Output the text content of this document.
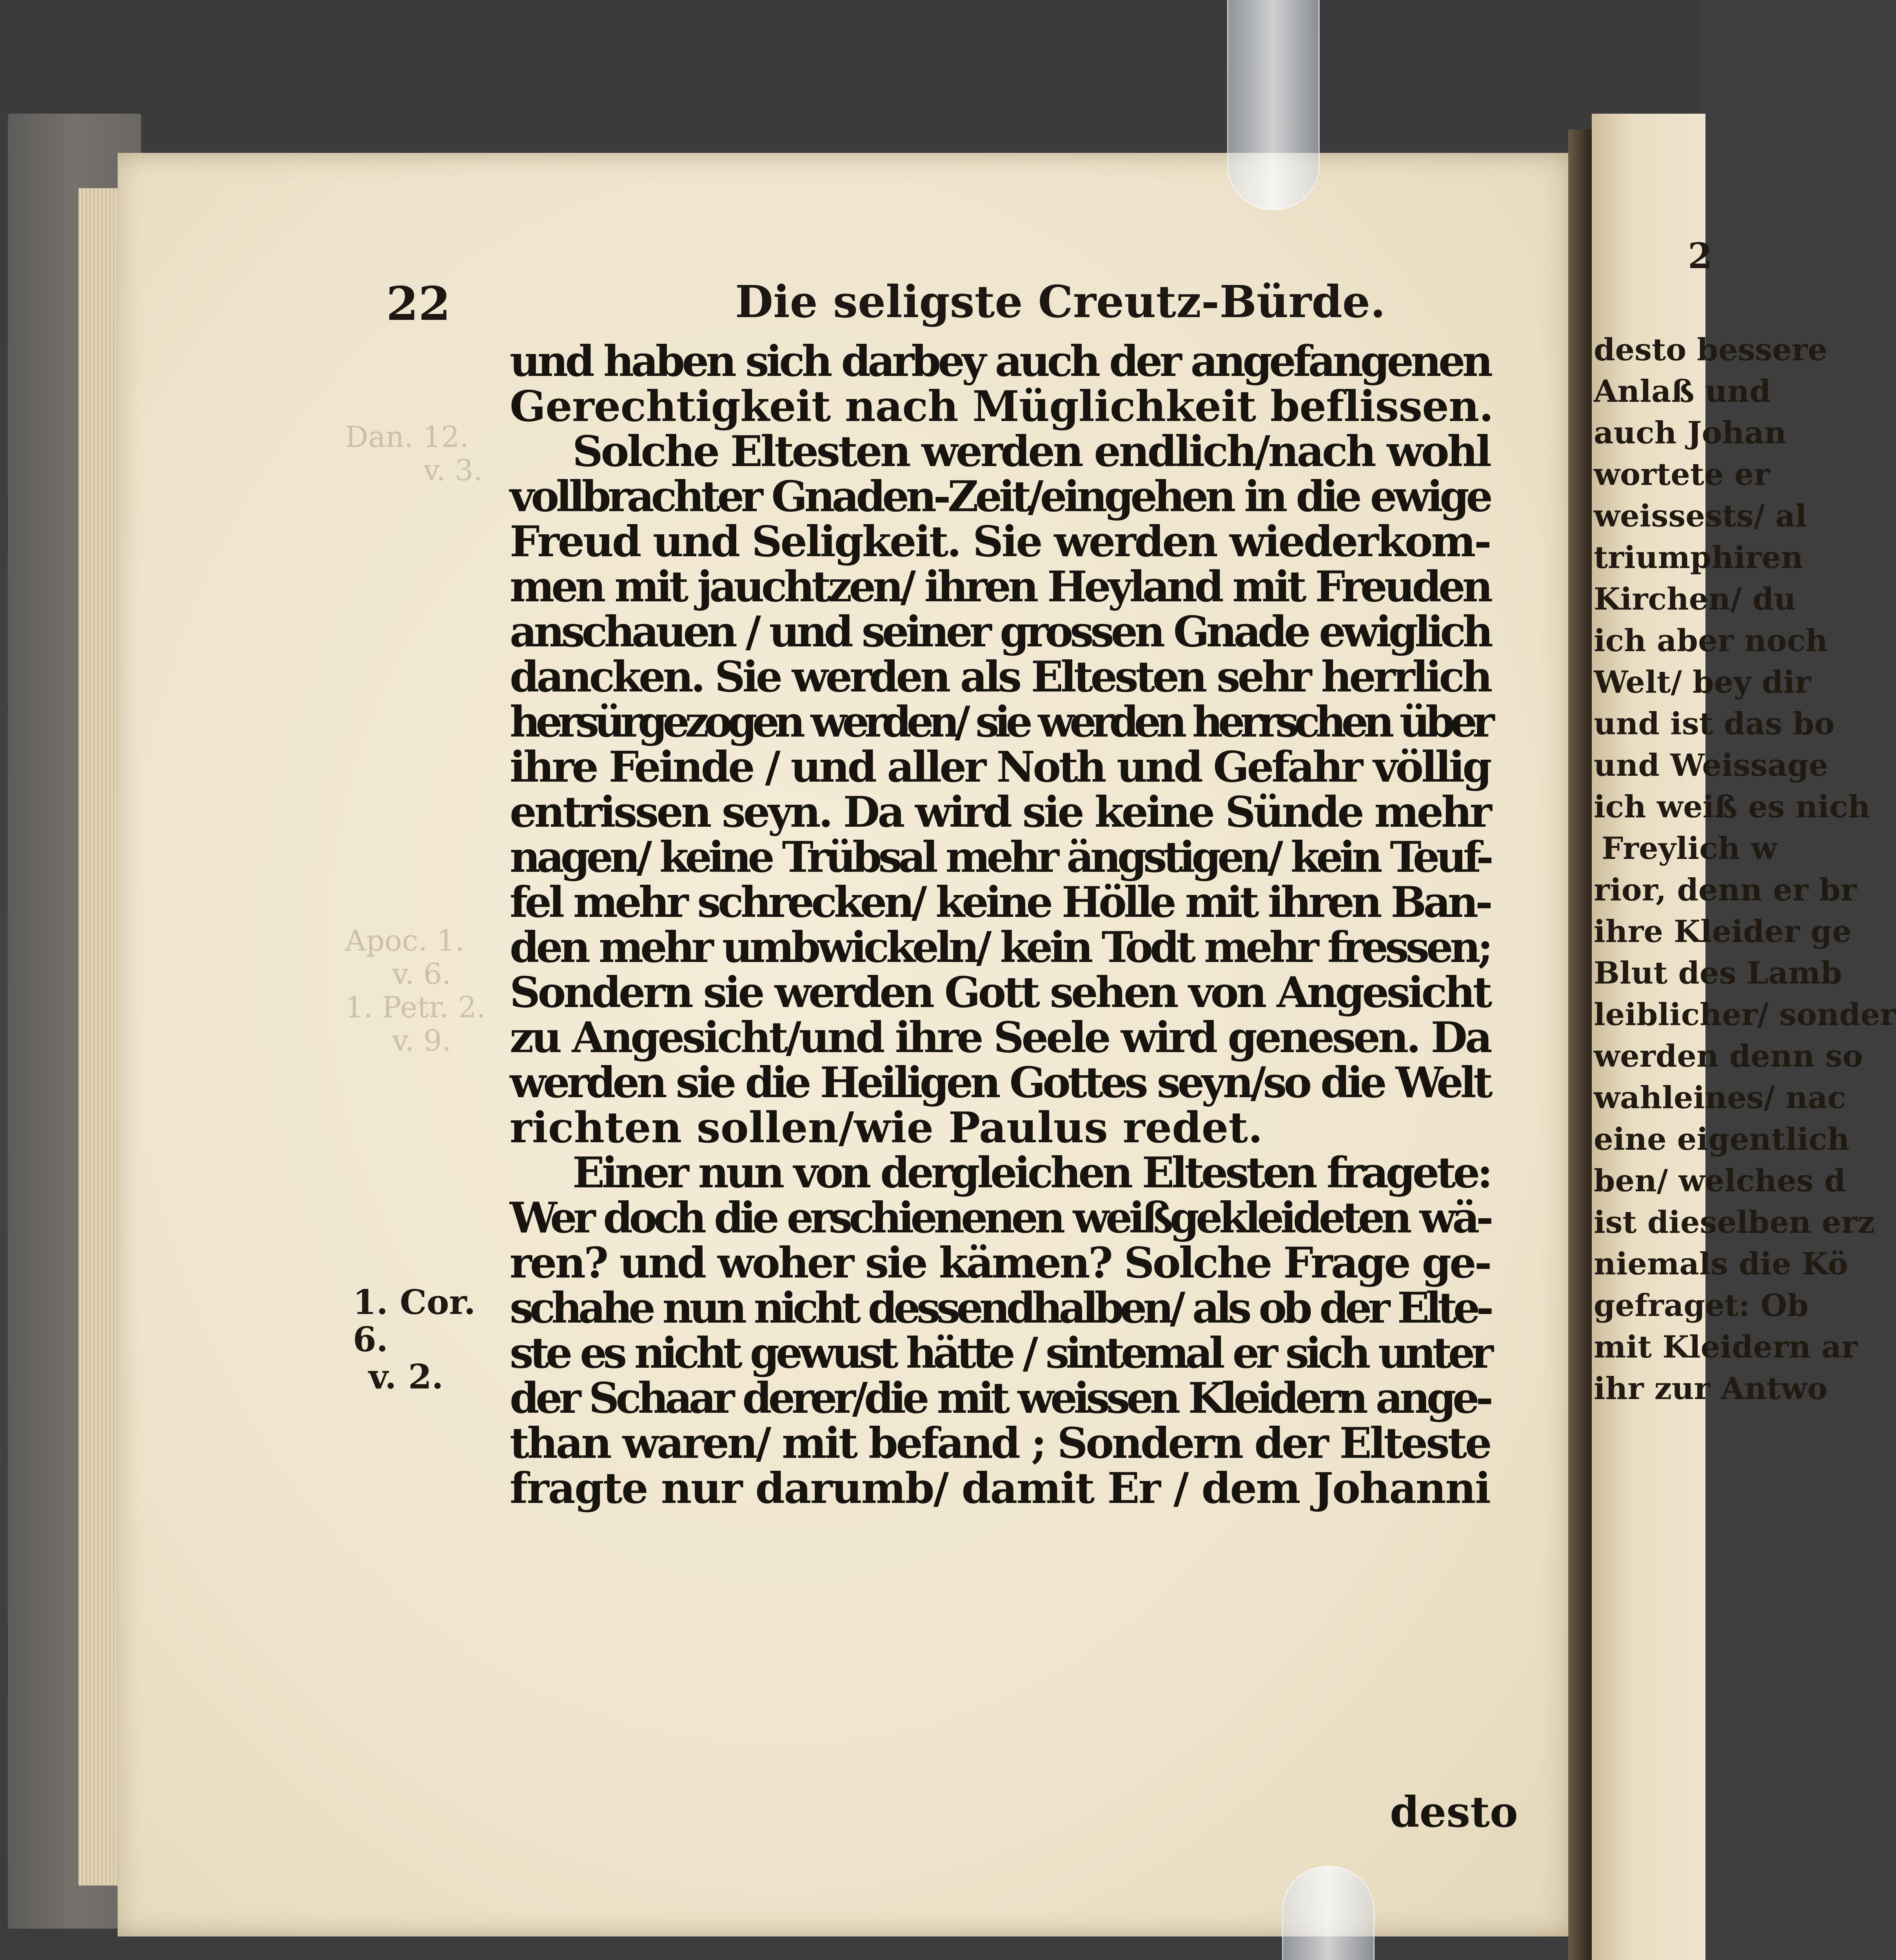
Dan. 12.
v. 3.
Apoc. 1.
v. 6.
1. Petr. 2.
v. 9.
22	Die seligste Creutz-Bürde.
und haben sich darbey auch der angefangenen
Gerechtigkeit nach Müglichkeit beflissen.
Solche Eltesten werden endlich/nach wohl
vollbrachter Gnaden-Zeit/eingehen in die ewige
Freud und Seligkeit. Sie werden wiederkom-
men mit jauchtzen/ ihren Heyland mit Freuden
anschauen / und seiner grossen Gnade ewiglich
dancken. Sie werden als Eltesten sehr herrlich
hersürgezogen werden/ sie werden herrschen über
ihre Feinde / und aller Noth und Gefahr völlig
entrissen seyn. Da wird sie keine Sünde mehr
nagen/ keine Trübsal mehr ängstigen/ kein Teuf-
fel mehr schrecken/ keine Hölle mit ihren Ban-
den mehr umbwickeln/ kein Todt mehr fressen;
Sondern sie werden Gott sehen von Angesicht
zu Angesicht/und ihre Seele wird genesen. Da
werden sie die Heiligen Gottes seyn/so die Welt
richten sollen/wie Paulus redet.
Einer nun von dergleichen Eltesten fragete:
Wer doch die erschienenen weißgekleideten wä-
ren? und woher sie kämen? Solche Frage ge-
schahe nun nicht dessendhalben/ als ob der Elte-
ste es nicht gewust hätte / sintemal er sich unter
der Schaar derer/die mit weissen Kleidern ange-
than waren/ mit befand ; Sondern der Elteste
fragte nur darumb/ damit Er / dem Johanni
desto
1. Cor. 6.
v. 2.
2
desto bessere
Anlaß und
auch Johan
wortete er
weissests/ al
triumphiren
Kirchen/ du
ich aber noch
Welt/ bey dir
und ist das bo
und Weissage
ich weiß es nich
Freylich w
rior, denn er br
ihre Kleider ge
Blut des Lamb
leiblicher/ sonder
werden denn so
wahleines/ nac
eine eigentlich
ben/ welches d
ist dieselben erz
niemals die Kö
gefraget: Ob
mit Kleidern ar
ihr zur Antwo
